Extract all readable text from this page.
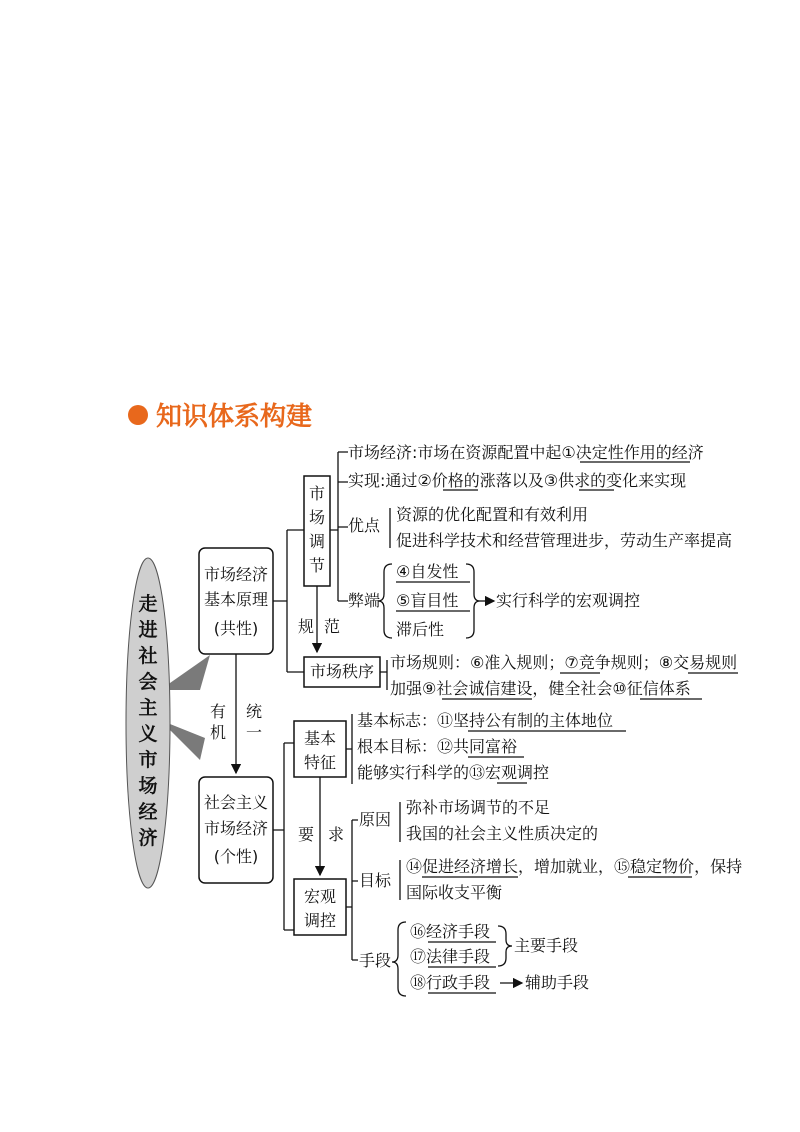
知识体系构建
走
进
社
会
主
义
市
场
经
济
市场经济
基本原理
(共性)
社会主义
市场经济
(个性)
有
机
统
一
市
场
调
节
规 范
市场秩序
市场经济:市场在资源配置中起①决定性作用的经济
实现:通过②价格的涨落以及③供求的变化来实现
优点
资源的优化配置和有效利用
促进科学技术和经营管理进步，劳动生产率提高
弊端
④自发性
⑤盲目性
滞后性
实行科学的宏观调控
市场规则：⑥准入规则；⑦竞争规则；⑧交易规则
加强⑨社会诚信建设，健全社会⑩征信体系
基本
特征
基本标志：⑪坚持公有制的主体地位
根本目标：⑫共同富裕
能够实行科学的⑬宏观调控
要 求
宏观
调控
原因
弥补市场调节的不足
我国的社会主义性质决定的
目标
⑭促进经济增长，增加就业，⑮稳定物价，保持
国际收支平衡
手段
⑯经济手段
⑰法律手段
主要手段
⑱行政手段 辅助手段
